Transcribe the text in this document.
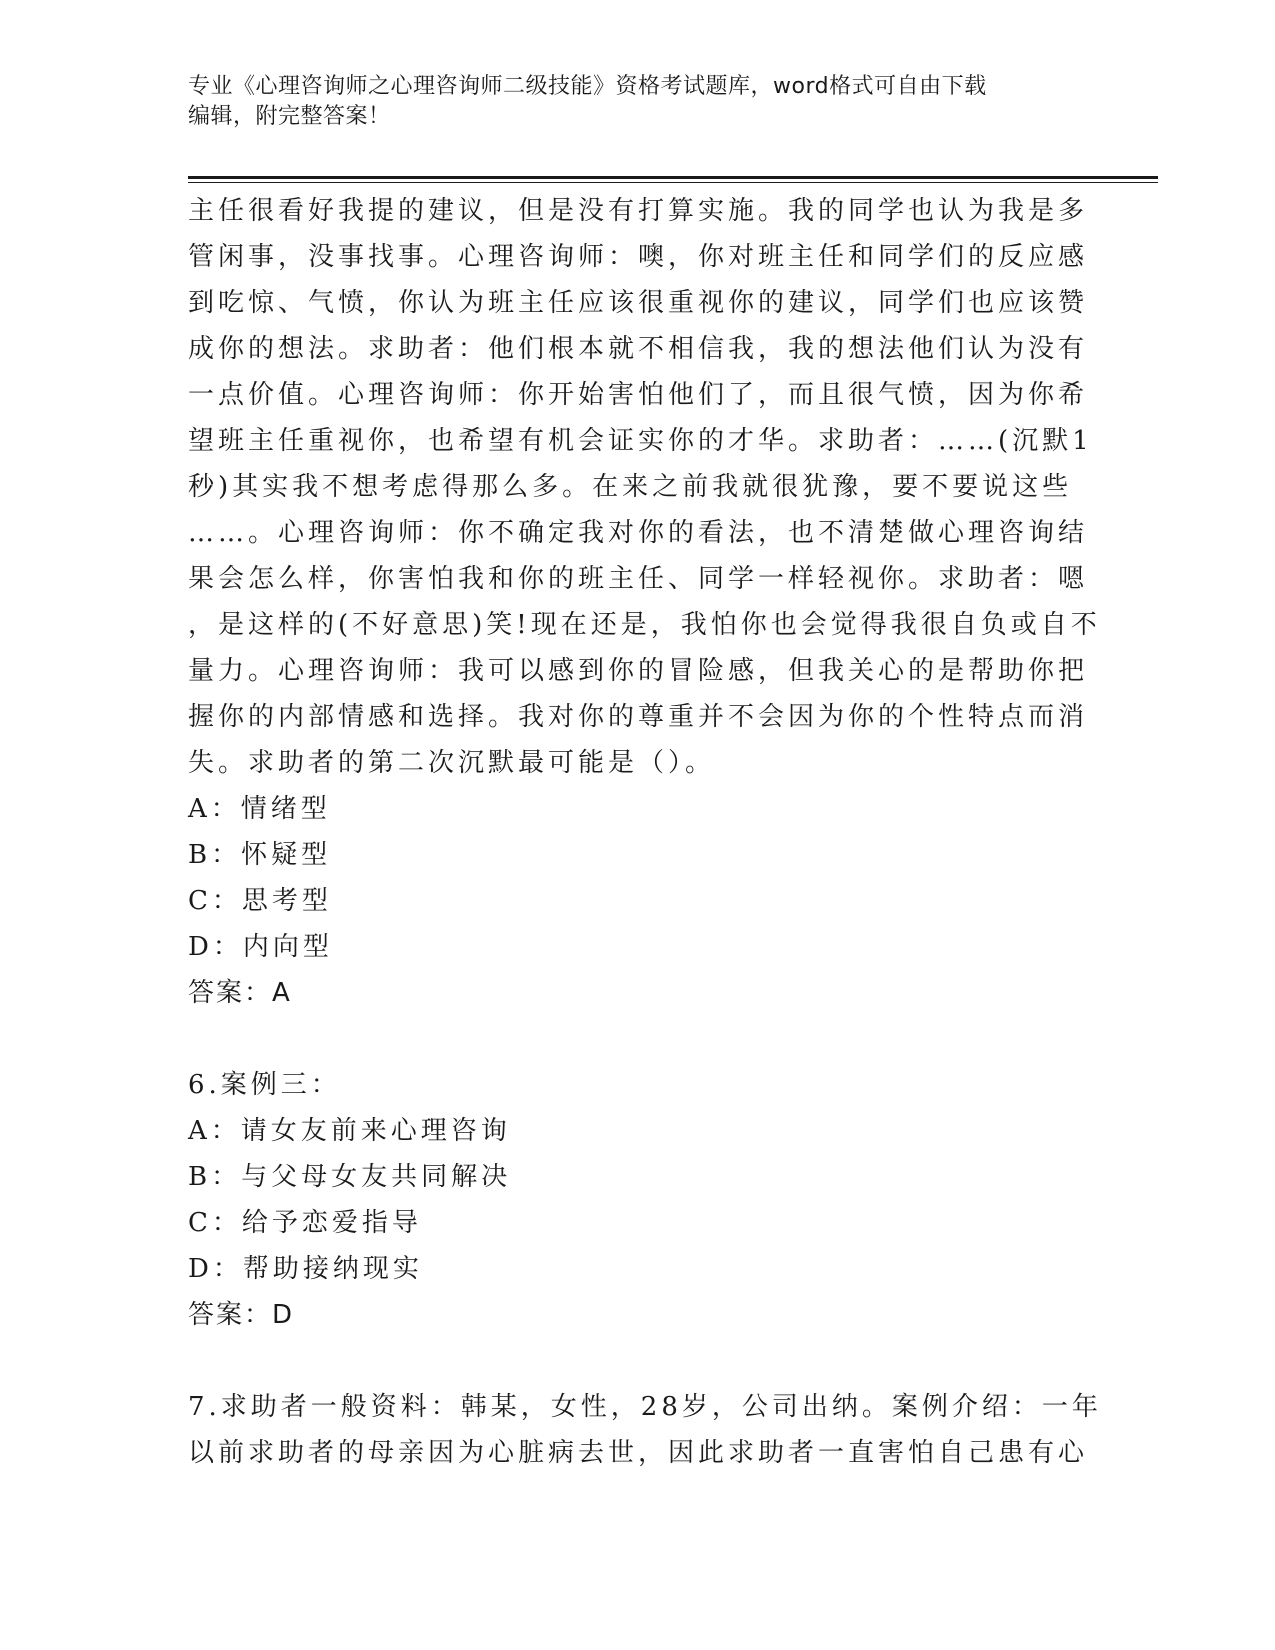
专业《心理咨询师之心理咨询师二级技能》资格考试题库，word格式可自由下载
编辑，附完整答案！

主任很看好我提的建议，但是没有打算实施。我的同学也认为我是多

管闲事，没事找事。心理咨询师：噢，你对班主任和同学们的反应感

到吃惊、气愤，你认为班主任应该很重视你的建议，同学们也应该赞

成你的想法。求助者：他们根本就不相信我，我的想法他们认为没有

一点价值。心理咨询师：你开始害怕他们了，而且很气愤，因为你希

望班主任重视你，也希望有机会证实你的才华。求助者：……(沉默1

秒)其实我不想考虑得那么多。在来之前我就很犹豫，要不要说这些

……。心理咨询师：你不确定我对你的看法，也不清楚做心理咨询结

果会怎么样，你害怕我和你的班主任、同学一样轻视你。求助者：嗯

，是这样的(不好意思)笑!现在还是，我怕你也会觉得我很自负或自不

量力。心理咨询师：我可以感到你的冒险感，但我关心的是帮助你把

握你的内部情感和选择。我对你的尊重并不会因为你的个性特点而消

失。求助者的第二次沉默最可能是（）。

A：情绪型

B：怀疑型

C：思考型

D：内向型

答案：A

6.案例三：

A：请女友前来心理咨询

B：与父母女友共同解决

C：给予恋爱指导

D：帮助接纳现实

答案：D

7.求助者一般资料：韩某，女性，28岁，公司出纳。案例介绍：一年

以前求助者的母亲因为心脏病去世，因此求助者一直害怕自己患有心
